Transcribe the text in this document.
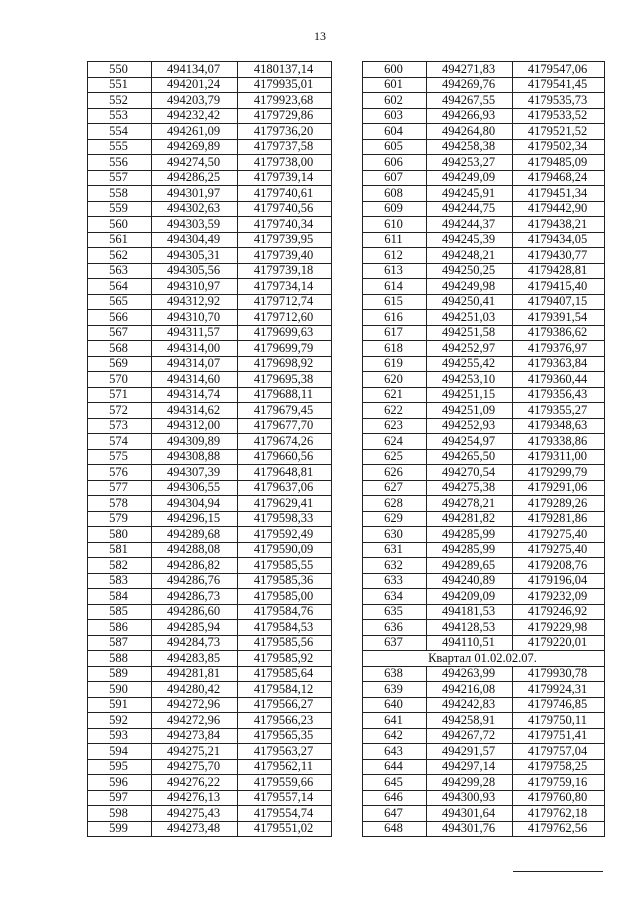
13
550	494134,07	4180137,14
551	494201,24	4179935,01
552	494203,79	4179923,68
553	494232,42	4179729,86
554	494261,09	4179736,20
555	494269,89	4179737,58
556	494274,50	4179738,00
557	494286,25	4179739,14
558	494301,97	4179740,61
559	494302,63	4179740,56
560	494303,59	4179740,34
561	494304,49	4179739,95
562	494305,31	4179739,40
563	494305,56	4179739,18
564	494310,97	4179734,14
565	494312,92	4179712,74
566	494310,70	4179712,60
567	494311,57	4179699,63
568	494314,00	4179699,79
569	494314,07	4179698,92
570	494314,60	4179695,38
571	494314,74	4179688,11
572	494314,62	4179679,45
573	494312,00	4179677,70
574	494309,89	4179674,26
575	494308,88	4179660,56
576	494307,39	4179648,81
577	494306,55	4179637,06
578	494304,94	4179629,41
579	494296,15	4179598,33
580	494289,68	4179592,49
581	494288,08	4179590,09
582	494286,82	4179585,55
583	494286,76	4179585,36
584	494286,73	4179585,00
585	494286,60	4179584,76
586	494285,94	4179584,53
587	494284,73	4179585,56
588	494283,85	4179585,92
589	494281,81	4179585,64
590	494280,42	4179584,12
591	494272,96	4179566,27
592	494272,96	4179566,23
593	494273,84	4179565,35
594	494275,21	4179563,27
595	494275,70	4179562,11
596	494276,22	4179559,66
597	494276,13	4179557,14
598	494275,43	4179554,74
599	494273,48	4179551,02
600	494271,83	4179547,06
601	494269,76	4179541,45
602	494267,55	4179535,73
603	494266,93	4179533,52
604	494264,80	4179521,52
605	494258,38	4179502,34
606	494253,27	4179485,09
607	494249,09	4179468,24
608	494245,91	4179451,34
609	494244,75	4179442,90
610	494244,37	4179438,21
611	494245,39	4179434,05
612	494248,21	4179430,77
613	494250,25	4179428,81
614	494249,98	4179415,40
615	494250,41	4179407,15
616	494251,03	4179391,54
617	494251,58	4179386,62
618	494252,97	4179376,97
619	494255,42	4179363,84
620	494253,10	4179360,44
621	494251,15	4179356,43
622	494251,09	4179355,27
623	494252,93	4179348,63
624	494254,97	4179338,86
625	494265,50	4179311,00
626	494270,54	4179299,79
627	494275,38	4179291,06
628	494278,21	4179289,26
629	494281,82	4179281,86
630	494285,99	4179275,40
631	494285,99	4179275,40
632	494289,65	4179208,76
633	494240,89	4179196,04
634	494209,09	4179232,09
635	494181,53	4179246,92
636	494128,53	4179229,98
637	494110,51	4179220,01
Квартал 01.02.02.07.		
638	494263,99	4179930,78
639	494216,08	4179924,31
640	494242,83	4179746,85
641	494258,91	4179750,11
642	494267,72	4179751,41
643	494291,57	4179757,04
644	494297,14	4179758,25
645	494299,28	4179759,16
646	494300,93	4179760,80
647	494301,64	4179762,18
648	494301,76	4179762,56
